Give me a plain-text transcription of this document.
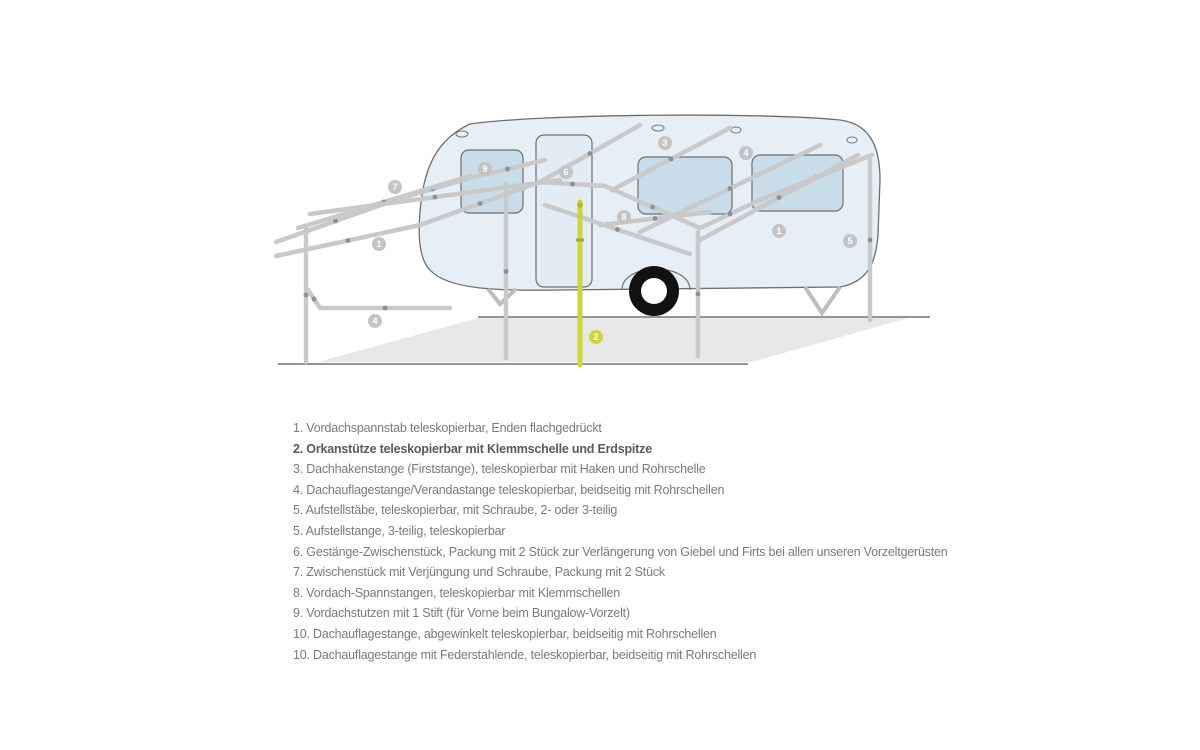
1
1
2
3
4
4
5
6
7
8
9
1. Vordachspannstab teleskopierbar, Enden flachgedrückt
2. Orkanstütze teleskopierbar mit Klemmschelle und Erdspitze
3. Dachhakenstange (Firststange), teleskopierbar mit Haken und Rohrschelle
4. Dachauflagestange/Verandastange teleskopierbar, beidseitig mit Rohrschellen
5. Aufstellstäbe, teleskopierbar, mit Schraube, 2- oder 3-teilig
5. Aufstellstange, 3-teilig, teleskopierbar
6. Gestänge-Zwischenstück, Packung mit 2 Stück zur Verlängerung von Giebel und Firts bei allen unseren Vorzeltgerüsten
7. Zwischenstück mit Verjüngung und Schraube, Packung mit 2 Stück
8. Vordach-Spannstangen, teleskopierbar mit Klemmschellen
9. Vordachstutzen mit 1 Stift (für Vorne beim Bungalow-Vorzelt)
10. Dachauflagestange, abgewinkelt teleskopierbar, beidseitig mit Rohrschellen
10. Dachauflagestange mit Federstahlende, teleskopierbar, beidseitig mit Rohrschellen
